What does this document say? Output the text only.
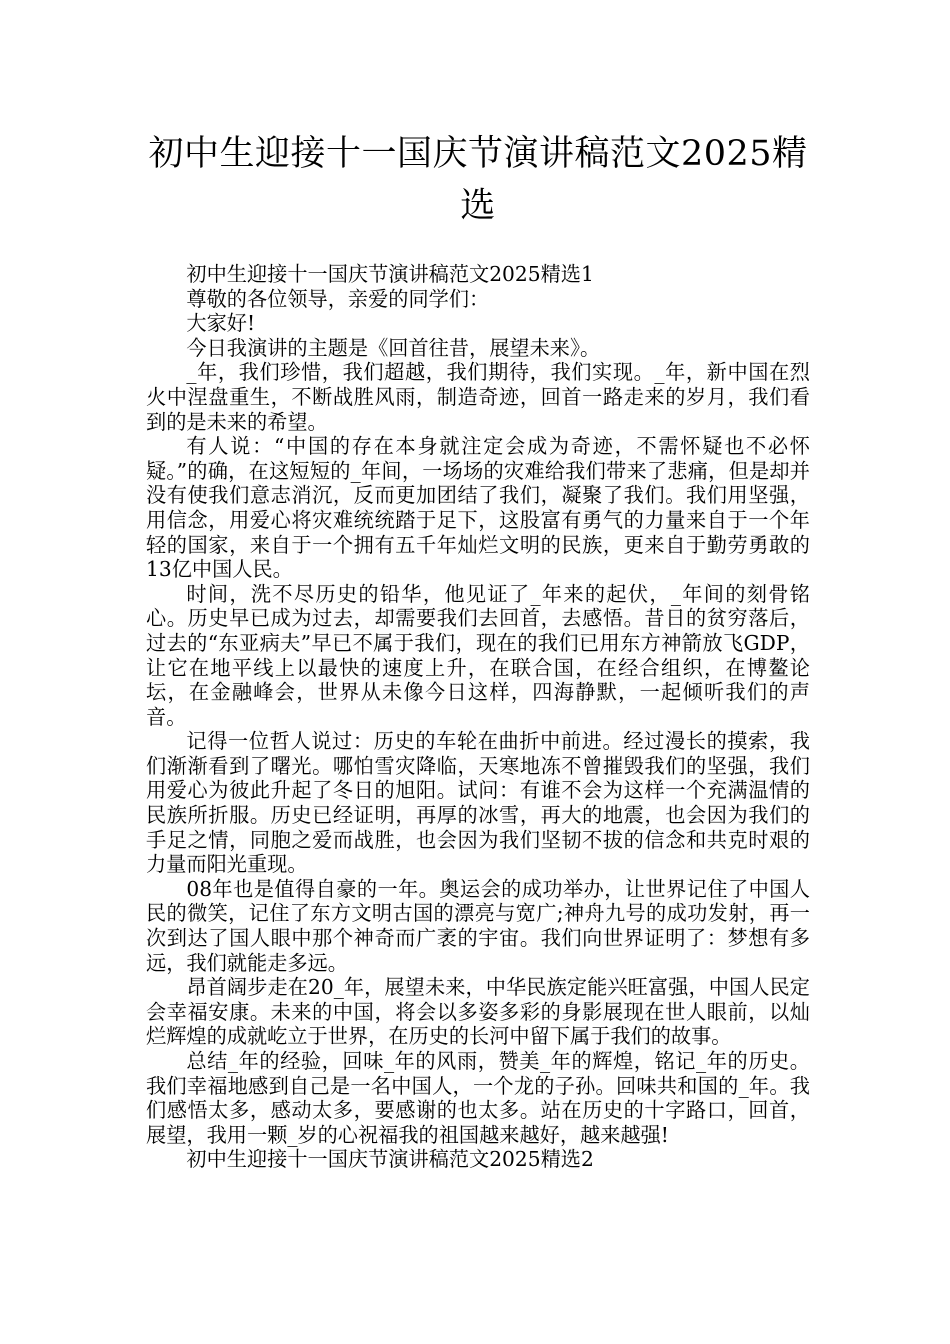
初中生迎接十一国庆节演讲稿范文2025精选

初中生迎接十一国庆节演讲稿范文2025精选1

尊敬的各位领导，亲爱的同学们：

大家好!

今日我演讲的主题是《回首往昔，展望未来》。

_年，我们珍惜，我们超越，我们期待，我们实现。_年，新中国在烈火中涅盘重生，不断战胜风雨，制造奇迹，回首一路走来的岁月，我们看到的是未来的希望。

有人说：“中国的存在本身就注定会成为奇迹，不需怀疑也不必怀疑。”的确，在这短短的_年间，一场场的灾难给我们带来了悲痛，但是却并没有使我们意志消沉，反而更加团结了我们，凝聚了我们。我们用坚强，用信念，用爱心将灾难统统踏于足下，这股富有勇气的力量来自于一个年轻的国家，来自于一个拥有五千年灿烂文明的民族，更来自于勤劳勇敢的13亿中国人民。

时间，洗不尽历史的铅华，他见证了_年来的起伏，_年间的刻骨铭心。历史早已成为过去，却需要我们去回首，去感悟。昔日的贫穷落后，过去的“东亚病夫”早已不属于我们，现在的我们已用东方神箭放飞GDP，让它在地平线上以最快的速度上升，在联合国，在经合组织，在博鳌论坛，在金融峰会，世界从未像今日这样，四海静默，一起倾听我们的声音。

记得一位哲人说过：历史的车轮在曲折中前进。经过漫长的摸索，我们渐渐看到了曙光。哪怕雪灾降临，天寒地冻不曾摧毁我们的坚强，我们用爱心为彼此升起了冬日的旭阳。试问：有谁不会为这样一个充满温情的民族所折服。历史已经证明，再厚的冰雪，再大的地震，也会因为我们的手足之情，同胞之爱而战胜，也会因为我们坚韧不拔的信念和共克时艰的力量而阳光重现。

08年也是值得自豪的一年。奥运会的成功举办，让世界记住了中国人民的微笑，记住了东方文明古国的漂亮与宽广;神舟九号的成功发射，再一次到达了国人眼中那个神奇而广袤的宇宙。我们向世界证明了：梦想有多远，我们就能走多远。

昂首阔步走在20_年，展望未来，中华民族定能兴旺富强，中国人民定会幸福安康。未来的中国，将会以多姿多彩的身影展现在世人眼前，以灿烂辉煌的成就屹立于世界，在历史的长河中留下属于我们的故事。

总结_年的经验，回味_年的风雨，赞美_年的辉煌，铭记_年的历史。我们幸福地感到自己是一名中国人，一个龙的子孙。回味共和国的_年。我们感悟太多，感动太多，要感谢的也太多。站在历史的十字路口，回首，展望，我用一颗_岁的心祝福我的祖国越来越好，越来越强!

初中生迎接十一国庆节演讲稿范文2025精选2
